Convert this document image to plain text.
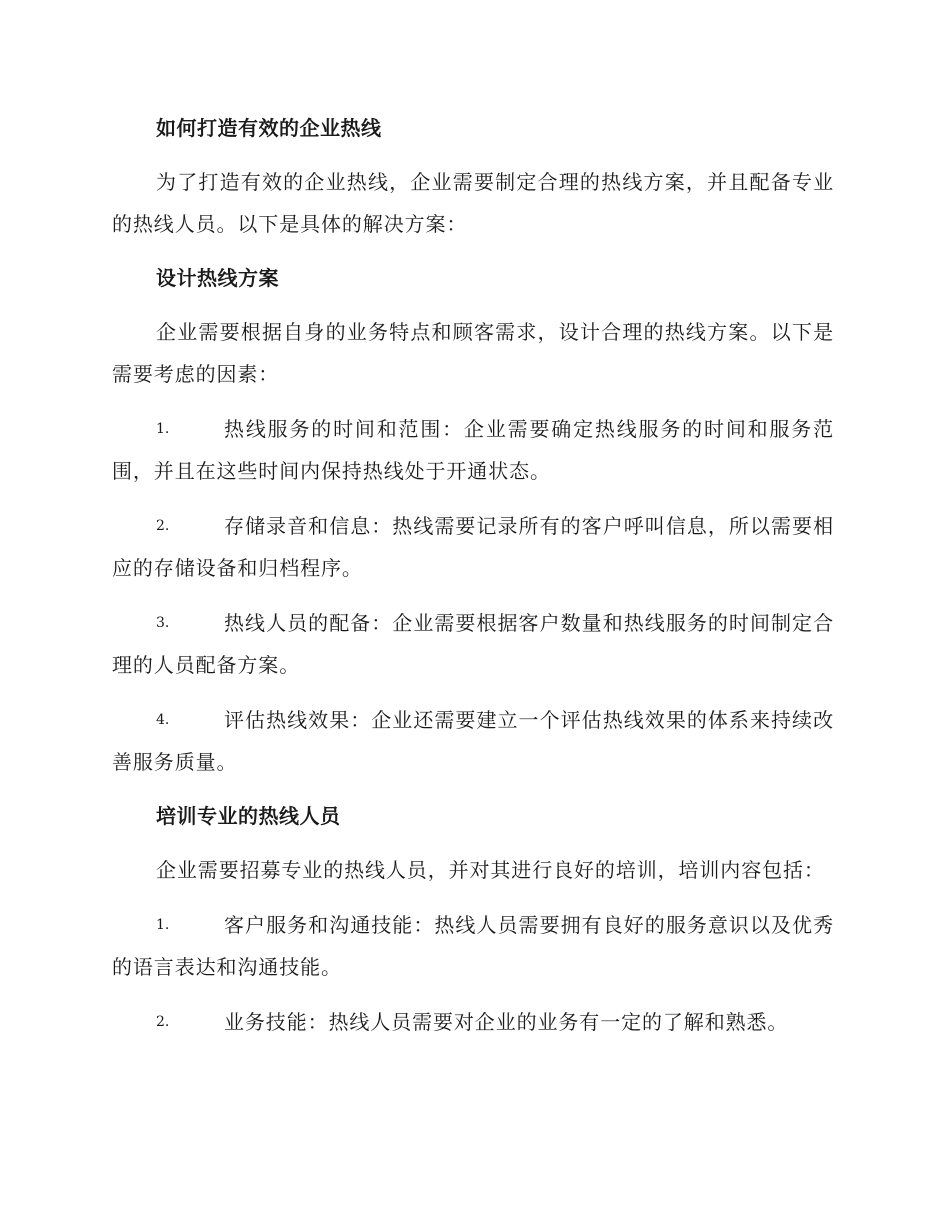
如何打造有效的企业热线

为了打造有效的企业热线，企业需要制定合理的热线方案，并且配备专业的热线人员。以下是具体的解决方案：

设计热线方案

企业需要根据自身的业务特点和顾客需求，设计合理的热线方案。以下是需要考虑的因素：

1.	热线服务的时间和范围：企业需要确定热线服务的时间和服务范围，并且在这些时间内保持热线处于开通状态。
2.	存储录音和信息：热线需要记录所有的客户呼叫信息，所以需要相应的存储设备和归档程序。
3.	热线人员的配备：企业需要根据客户数量和热线服务的时间制定合理的人员配备方案。
4.	评估热线效果：企业还需要建立一个评估热线效果的体系来持续改善服务质量。
培训专业的热线人员

企业需要招募专业的热线人员，并对其进行良好的培训，培训内容包括：

1.	客户服务和沟通技能：热线人员需要拥有良好的服务意识以及优秀的语言表达和沟通技能。
2.	业务技能：热线人员需要对企业的业务有一定的了解和熟悉。
